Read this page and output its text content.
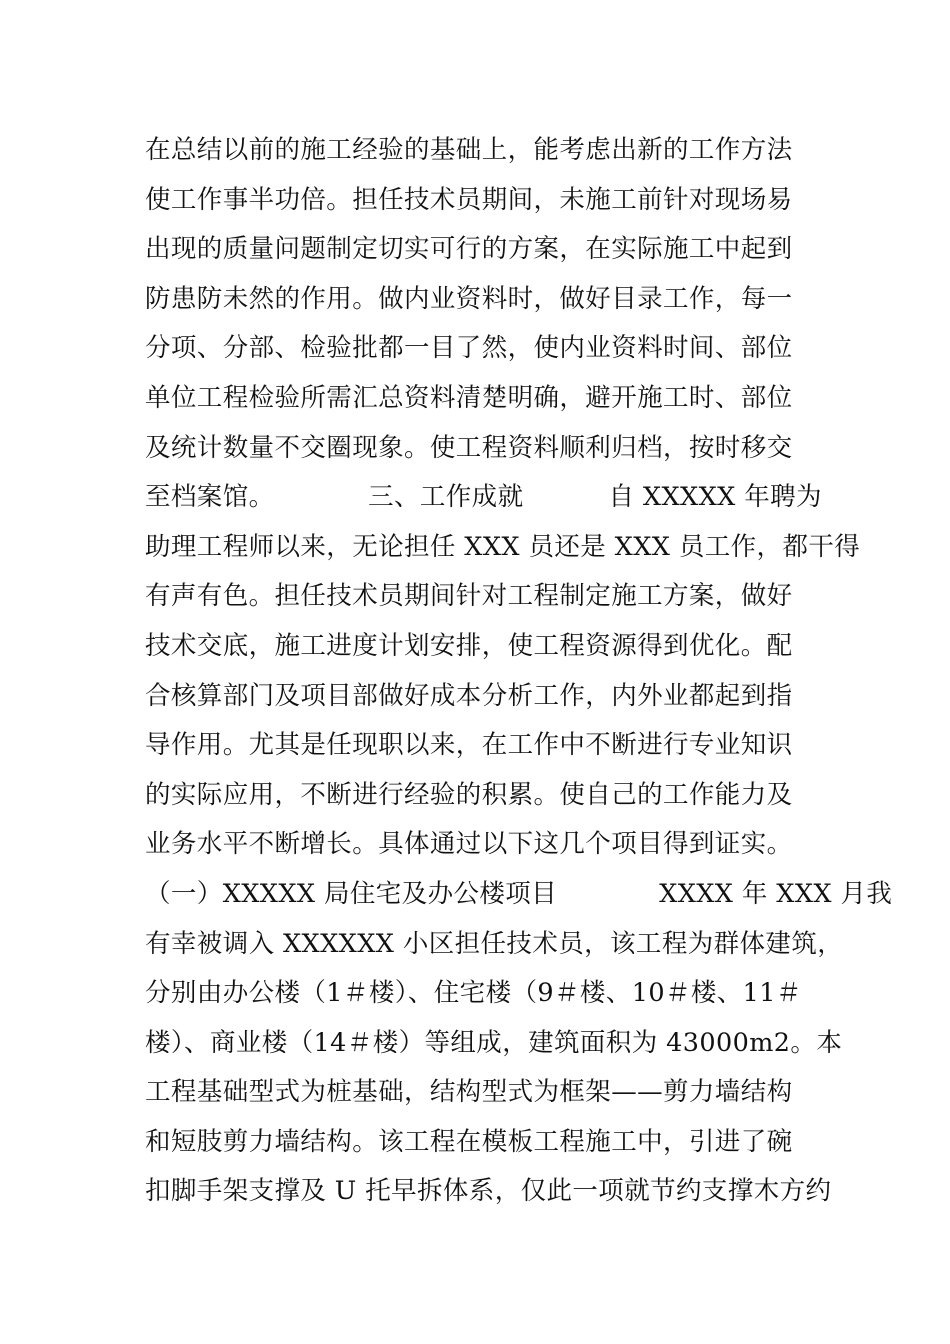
在总结以前的施工经验的基础上，能考虑出新的工作方法
使工作事半功倍。担任技术员期间，未施工前针对现场易
出现的质量问题制定切实可行的方案，在实际施工中起到
防患防未然的作用。做内业资料时，做好目录工作，每一
分项、分部、检验批都一目了然，使内业资料时间、部位
单位工程检验所需汇总资料清楚明确，避开施工时、部位
及统计数量不交圈现象。使工程资料顺利归档，按时移交
至档案馆。           三、工作成就          自 XXXXX 年聘为
助理工程师以来，无论担任 XXX 员还是 XXX 员工作，都干得
有声有色。担任技术员期间针对工程制定施工方案，做好
技术交底，施工进度计划安排，使工程资源得到优化。配
合核算部门及项目部做好成本分析工作，内外业都起到指
导作用。尤其是任现职以来，在工作中不断进行专业知识
的实际应用，不断进行经验的积累。使自己的工作能力及
业务水平不断增长。具体通过以下这几个项目得到证实。
（一）XXXXX 局住宅及办公楼项目            XXXX 年 XXX 月我
有幸被调入 XXXXXX 小区担任技术员，该工程为群体建筑，
分别由办公楼（1＃楼）、住宅楼（9＃楼、10＃楼、11＃
楼）、商业楼（14＃楼）等组成，建筑面积为 43000m2。本
工程基础型式为桩基础，结构型式为框架——剪力墙结构
和短肢剪力墙结构。该工程在模板工程施工中，引进了碗
扣脚手架支撑及 U 托早拆体系，仅此一项就节约支撑木方约
